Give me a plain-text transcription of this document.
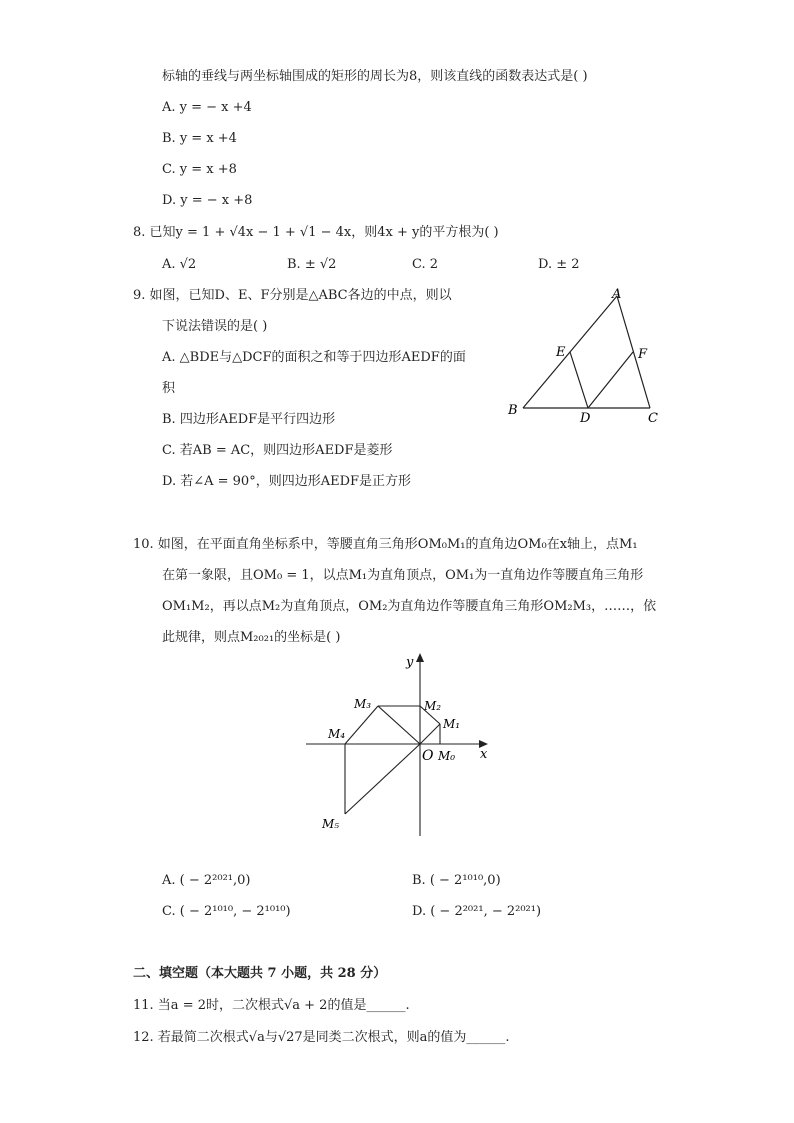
标轴的垂线与两坐标轴围成的矩形的周长为8，则该直线的函数表达式是( )
A. y = − x +4
B. y = x +4
C. y = x +8
D. y = − x +8
8. 已知y = 1 + √4x − 1 + √1 − 4x，则4x + y的平方根为( )
A. √2	B. ± √2	C. 2	D. ± 2
9. 如图，已知D、E、F分别是△ABC各边的中点，则以
下说法错误的是( )
A. △BDE与△DCF的面积之和等于四边形AEDF的面
积
B. 四边形AEDF是平行四边形
C. 若AB = AC，则四边形AEDF是菱形
D. 若∠A = 90°，则四边形AEDF是正方形
A
B
C
D
E	F
10. 如图，在平面直角坐标系中，等腰直角三角形OM₀M₁的直角边OM₀在x轴上，点M₁
在第一象限，且OM₀ = 1，以点M₁为直角顶点，OM₁为一直角边作等腰直角三角形
OM₁M₂，再以点M₂为直角顶点，OM₂为直角边作等腰直角三角形OM₂M₃，……，依
此规律，则点M₂₀₂₁的坐标是( )
y
x
O M₀
M₁
M₂
M₃
M₄
M₅
A. ( − 2²⁰²¹,0)	B. ( − 2¹⁰¹⁰,0)
C. ( − 2¹⁰¹⁰, − 2¹⁰¹⁰)	D. ( − 2²⁰²¹, − 2²⁰²¹)
二、填空题（本大题共 7 小题，共 28 分）
11. 当a = 2时，二次根式√a + 2的值是______.
12. 若最简二次根式√a与√27是同类二次根式，则a的值为______.
